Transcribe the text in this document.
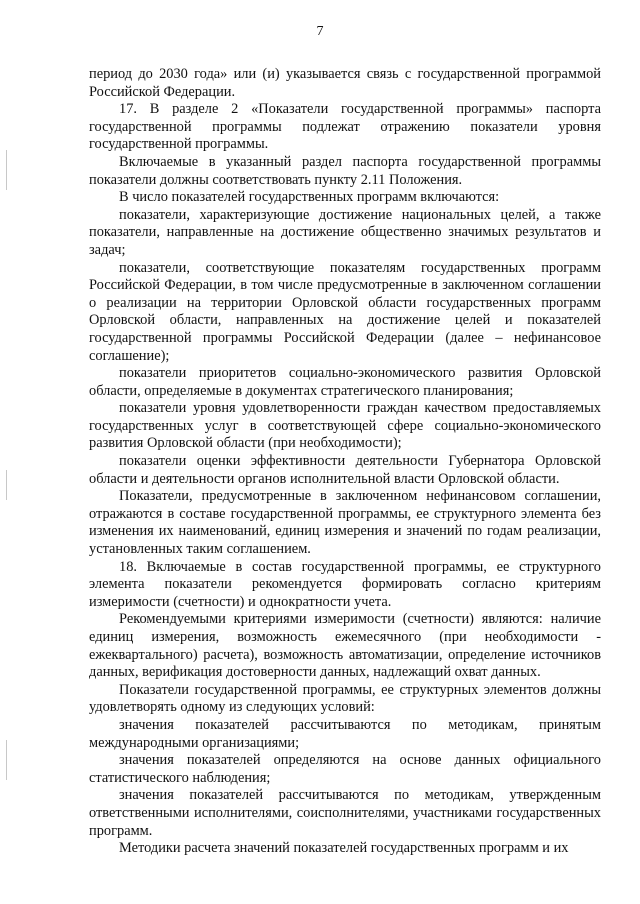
7

период до 2030 года» или (и) указывается связь с государственной программой Российской Федерации.

17. В разделе 2 «Показатели государственной программы» паспорта государственной программы подлежат отражению показатели уровня государственной программы.

Включаемые в указанный раздел паспорта государственной программы показатели должны соответствовать пункту 2.11 Положения.

В число показателей государственных программ включаются:

показатели, характеризующие достижение национальных целей, а также показатели, направленные на достижение общественно значимых результатов и задач;

показатели, соответствующие показателям государственных программ Российской Федерации, в том числе предусмотренные в заключенном соглашении о реализации на территории Орловской области государственных программ Орловской области, направленных на достижение целей и показателей государственной программы Российской Федерации (далее – нефинансовое соглашение);

показатели приоритетов социально-экономического развития Орловской области, определяемые в документах стратегического планирования;

показатели уровня удовлетворенности граждан качеством предоставляемых государственных услуг в соответствующей сфере социально-экономического развития Орловской области (при необходимости);

показатели оценки эффективности деятельности Губернатора Орловской области и деятельности органов исполнительной власти Орловской области.

Показатели, предусмотренные в заключенном нефинансовом соглашении, отражаются в составе государственной программы, ее структурного элемента без изменения их наименований, единиц измерения и значений по годам реализации, установленных таким соглашением.

18. Включаемые в состав государственной программы, ее структурного элемента показатели рекомендуется формировать согласно критериям измеримости (счетности) и однократности учета.

Рекомендуемыми критериями измеримости (счетности) являются: наличие единиц измерения, возможность ежемесячного (при необходимости - ежеквартального) расчета), возможность автоматизации, определение источников данных, верификация достоверности данных, надлежащий охват данных.

Показатели государственной программы, ее структурных элементов должны удовлетворять одному из следующих условий:

значения показателей рассчитываются по методикам, принятым международными организациями;

значения показателей определяются на основе данных официального статистического наблюдения;

значения показателей рассчитываются по методикам, утвержденным ответственными исполнителями, соисполнителями, участниками государственных программ.

Методики расчета значений показателей государственных программ и их
